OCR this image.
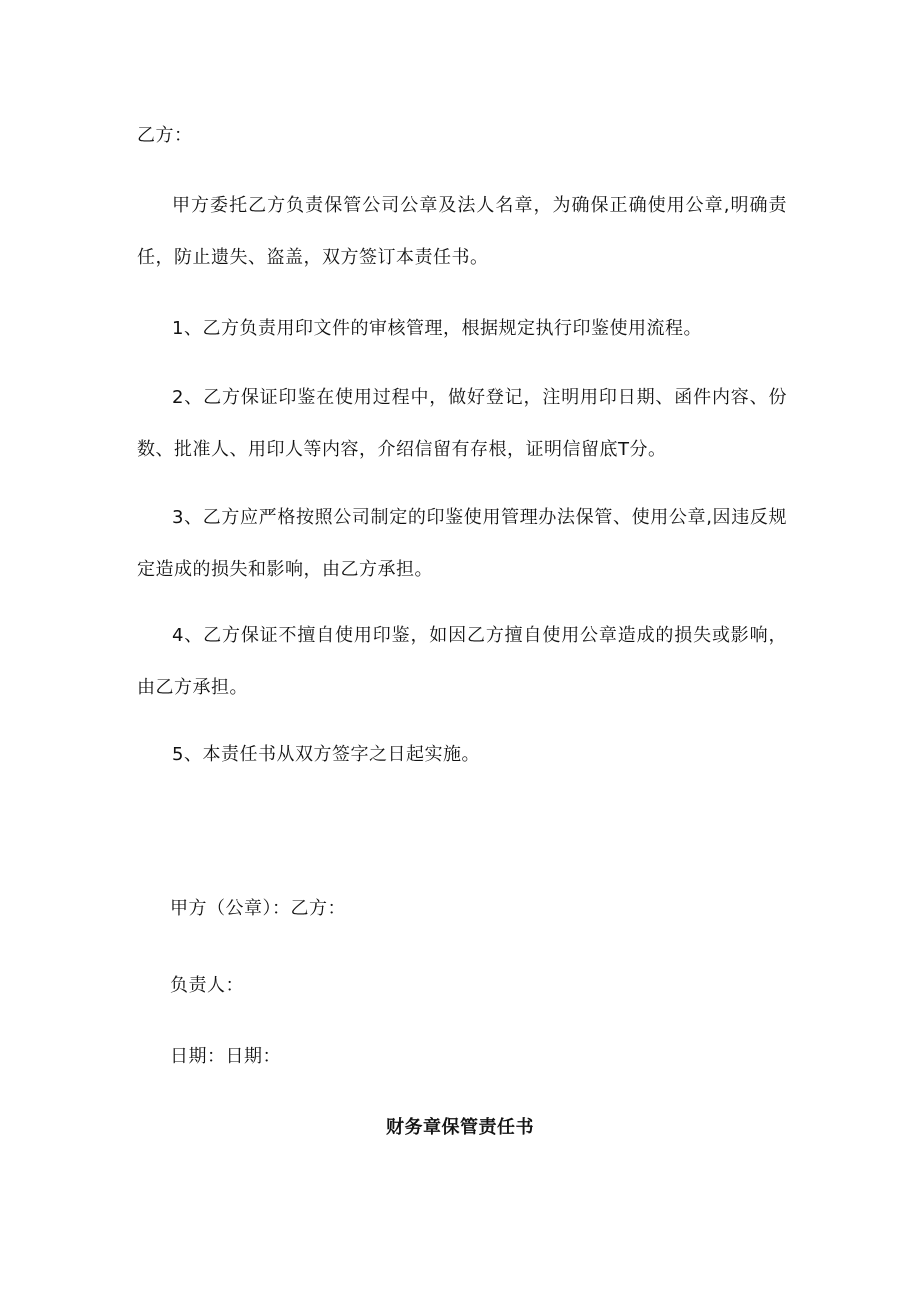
乙方：
甲方委托乙方负责保管公司公章及法人名章，为确保正确使用公章,明确责任，防止遗失、盗盖，双方签订本责任书。
1、乙方负责用印文件的审核管理，根据规定执行印鉴使用流程。
2、乙方保证印鉴在使用过程中，做好登记，注明用印日期、函件内容、份数、批准人、用印人等内容，介绍信留有存根，证明信留底T分。
3、乙方应严格按照公司制定的印鉴使用管理办法保管、使用公章,因违反规定造成的损失和影响，由乙方承担。
4、乙方保证不擅自使用印鉴，如因乙方擅自使用公章造成的损失或影响，由乙方承担。
5、本责任书从双方签字之日起实施。
甲方（公章）：乙方：
负责人：
日期：日期：
财务章保管责任书
